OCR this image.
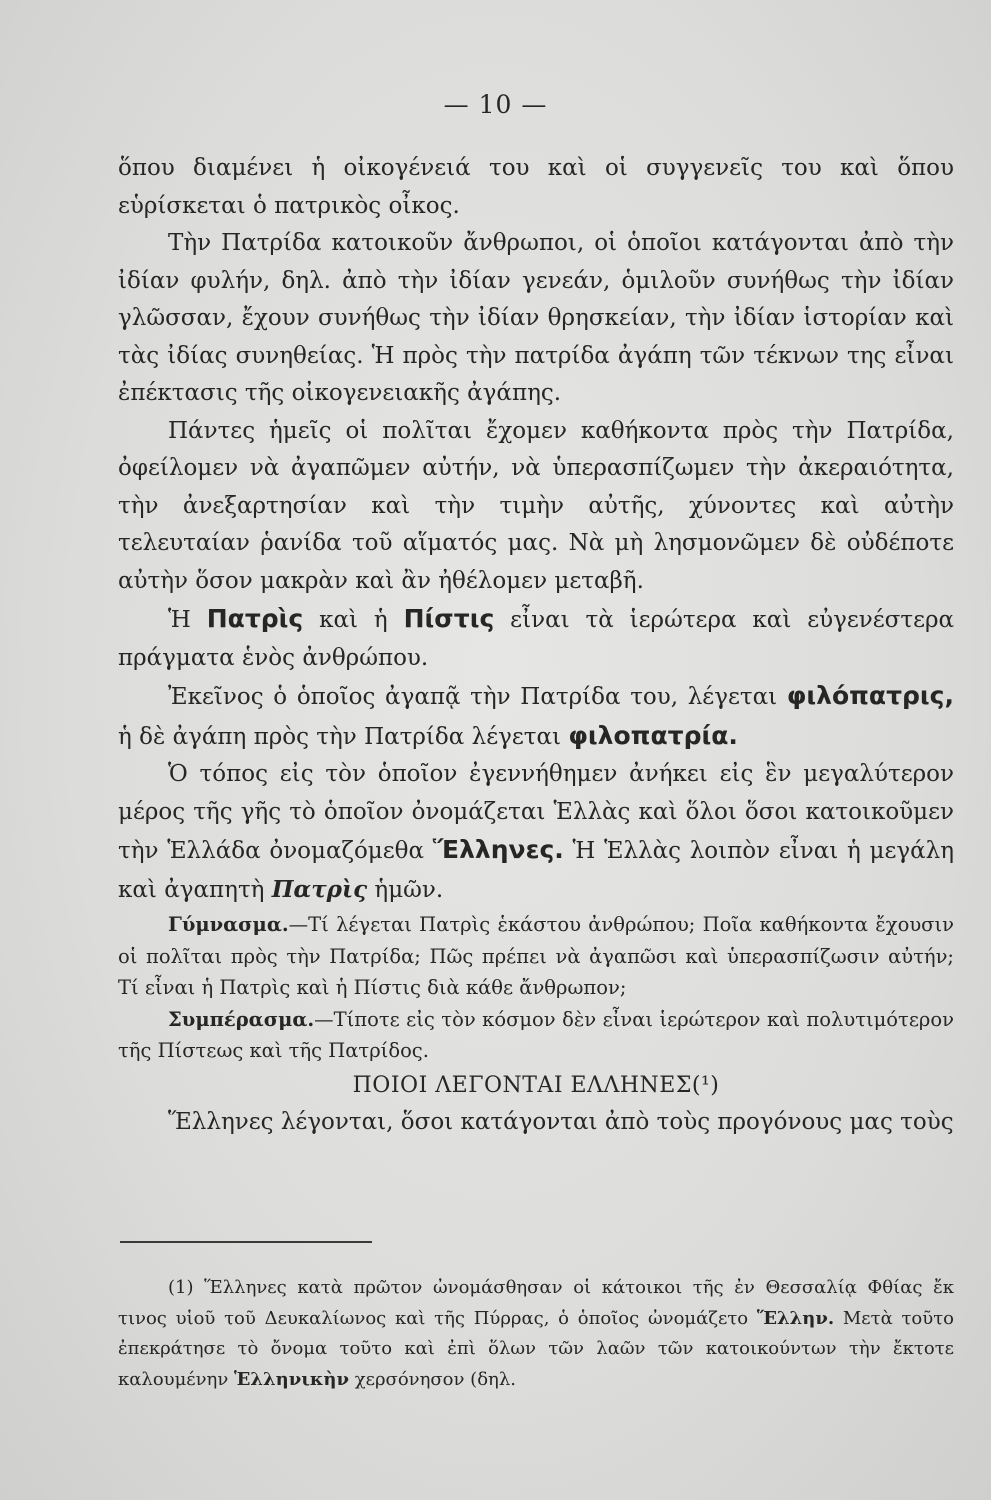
— 10 —

ὅπου διαμένει ἡ οἰκογένειά του καὶ οἱ συγγενεῖς του καὶ ὅπου εὑρίσκεται ὁ πατρικὸς οἶκος.

Τὴν Πατρίδα κατοικοῦν ἄνθρωποι, οἱ ὁποῖοι κατάγονται ἀπὸ τὴν ἰδίαν φυλήν, δηλ. ἀπὸ τὴν ἰδίαν γενεάν, ὁμιλοῦν συνήθως τὴν ἰδίαν γλῶσσαν, ἔχουν συνήθως τὴν ἰδίαν θρησκείαν, τὴν ἰδίαν ἱστορίαν καὶ τὰς ἰδίας συνηθείας. Ἡ πρὸς τὴν πατρίδα ἀγάπη τῶν τέκνων της εἶναι ἐπέκτασις τῆς οἰκογενειακῆς ἀγάπης.

Πάντες ἡμεῖς οἱ πολῖται ἔχομεν καθήκοντα πρὸς τὴν Πατρίδα, ὀφείλομεν νὰ ἀγαπῶμεν αὐτήν, νὰ ὑπερασπίζωμεν τὴν ἀκεραιότητα, τὴν ἀνεξαρτησίαν καὶ τὴν τιμὴν αὐτῆς, χύνοντες καὶ αὐτὴν τελευταίαν ῥανίδα τοῦ αἵματός μας. Νὰ μὴ λησμονῶμεν δὲ οὐδέποτε αὐτὴν ὅσον μακρὰν καὶ ἂν ἠθέλομεν μεταβῆ.

Ἡ Πατρὶς καὶ ἡ Πίστις εἶναι τὰ ἱερώτερα καὶ εὐγενέστερα πράγματα ἑνὸς ἀνθρώπου.

Ἐκεῖνος ὁ ὁποῖος ἀγαπᾷ τὴν Πατρίδα του, λέγεται φιλόπατρις, ἡ δὲ ἀγάπη πρὸς τὴν Πατρίδα λέγεται φιλοπατρία.

Ὁ τόπος εἰς τὸν ὁποῖον ἐγεννήθημεν ἀνήκει εἰς ἓν μεγαλύτερον μέρος τῆς γῆς τὸ ὁποῖον ὀνομάζεται Ἑλλὰς καὶ ὅλοι ὅσοι κατοικοῦμεν τὴν Ἑλλάδα ὀνομαζόμεθα Ἕλληνες. Ἡ Ἑλλὰς λοιπὸν εἶναι ἡ μεγάλη καὶ ἀγαπητὴ Πατρὶς ἡμῶν.

Γύμνασμα.—Τί λέγεται Πατρὶς ἑκάστου ἀνθρώπου; Ποῖα καθήκοντα ἔχουσιν οἱ πολῖται πρὸς τὴν Πατρίδα; Πῶς πρέπει νὰ ἀγαπῶσι καὶ ὑπερασπίζωσιν αὐτήν; Τί εἶναι ἡ Πατρὶς καὶ ἡ Πίστις διὰ κάθε ἄνθρωπον;

Συμπέρασμα.—Τίποτε εἰς τὸν κόσμον δὲν εἶναι ἱερώτερον καὶ πολυτιμότερον τῆς Πίστεως καὶ τῆς Πατρίδος.

ΠΟΙΟΙ ΛΕΓΟΝΤΑΙ ΕΛΛΗΝΕΣ(¹)

Ἕλληνες λέγονται, ὅσοι κατάγονται ἀπὸ τοὺς προγόνους μας τοὺς

(1) Ἕλληνες κατὰ πρῶτον ὠνομάσθησαν οἱ κάτοικοι τῆς ἐν Θεσσαλίᾳ Φθίας ἔκ τινος υἱοῦ τοῦ Δευκαλίωνος καὶ τῆς Πύρρας, ὁ ὁποῖος ὠνομάζετο Ἕλλην. Μετὰ τοῦτο ἐπεκράτησε τὸ ὄνομα τοῦτο καὶ ἐπὶ ὅλων τῶν λαῶν τῶν κατοικούντων τὴν ἔκτοτε καλουμένην Ἑλληνικὴν χερσόνησον (δηλ.
